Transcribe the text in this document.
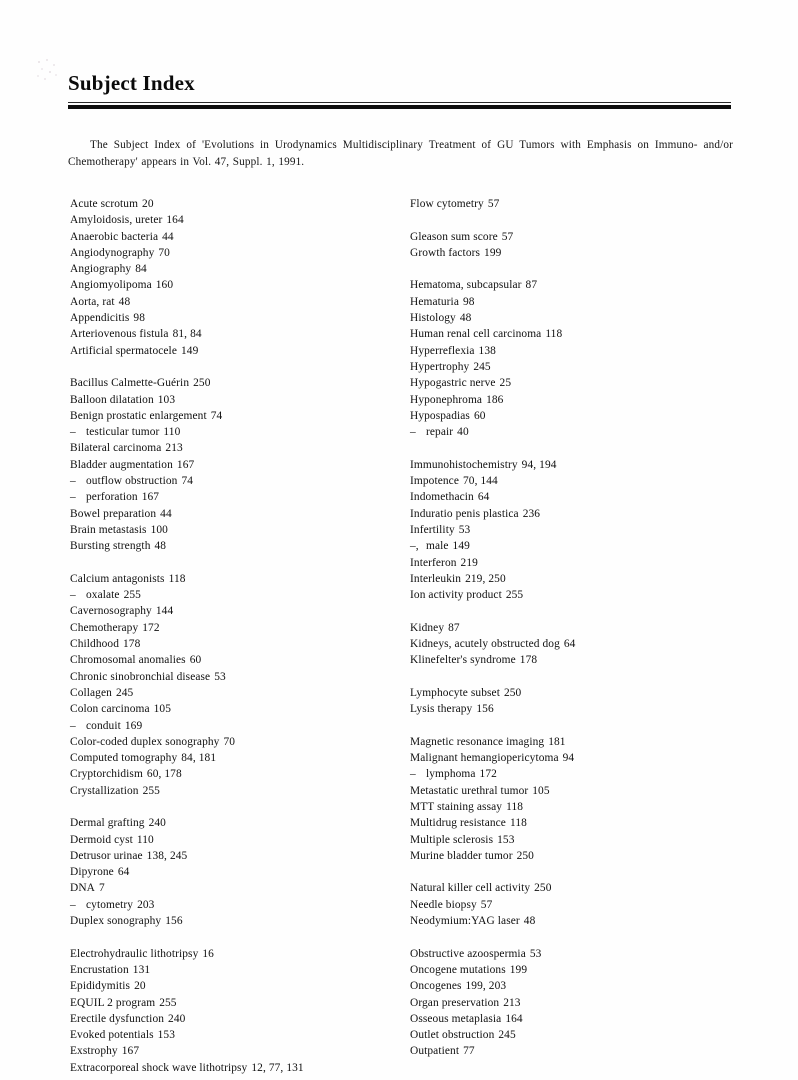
Subject Index

The Subject Index of 'Evolutions in Urodynamics Multidisciplinary Treatment of GU Tumors with Emphasis on Immuno- and/or Chemotherapy' appears in Vol. 47, Suppl. 1, 1991.

Acute scrotum 20
Amyloidosis, ureter 164
Anaerobic bacteria 44
Angiodynography 70
Angiography 84
Angiomyolipoma 160
Aorta, rat 48
Appendicitis 98
Arteriovenous fistula 81, 84
Artificial spermatocele 149
Bacillus Calmette-Guérin 250
Balloon dilatation 103
Benign prostatic enlargement 74
– testicular tumor 110
Bilateral carcinoma 213
Bladder augmentation 167
– outflow obstruction 74
– perforation 167
Bowel preparation 44
Brain metastasis 100
Bursting strength 48
Calcium antagonists 118
– oxalate 255
Cavernosography 144
Chemotherapy 172
Childhood 178
Chromosomal anomalies 60
Chronic sinobronchial disease 53
Collagen 245
Colon carcinoma 105
– conduit 169
Color-coded duplex sonography 70
Computed tomography 84, 181
Cryptorchidism 60, 178
Crystallization 255
Dermal grafting 240
Dermoid cyst 110
Detrusor urinae 138, 245
Dipyrone 64
DNA 7
– cytometry 203
Duplex sonography 156
Electrohydraulic lithotripsy 16
Encrustation 131
Epididymitis 20
EQUIL 2 program 255
Erectile dysfunction 240
Evoked potentials 153
Exstrophy 167
Extracorporeal shock wave lithotripsy 12, 77, 131
Flow cytometry 57
Gleason sum score 57
Growth factors 199
Hematoma, subcapsular 87
Hematuria 98
Histology 48
Human renal cell carcinoma 118
Hyperreflexia 138
Hypertrophy 245
Hypogastric nerve 25
Hyponephroma 186
Hypospadias 60
– repair 40
Immunohistochemistry 94, 194
Impotence 70, 144
Indomethacin 64
Induratio penis plastica 236
Infertility 53
–, male 149
Interferon 219
Interleukin 219, 250
Ion activity product 255
Kidney 87
Kidneys, acutely obstructed dog 64
Klinefelter's syndrome 178
Lymphocyte subset 250
Lysis therapy 156
Magnetic resonance imaging 181
Malignant hemangiopericytoma 94
– lymphoma 172
Metastatic urethral tumor 105
MTT staining assay 118
Multidrug resistance 118
Multiple sclerosis 153
Murine bladder tumor 250
Natural killer cell activity 250
Needle biopsy 57
Neodymium:YAG laser 48
Obstructive azoospermia 53
Oncogene mutations 199
Oncogenes 199, 203
Organ preservation 213
Osseous metaplasia 164
Outlet obstruction 245
Outpatient 77
